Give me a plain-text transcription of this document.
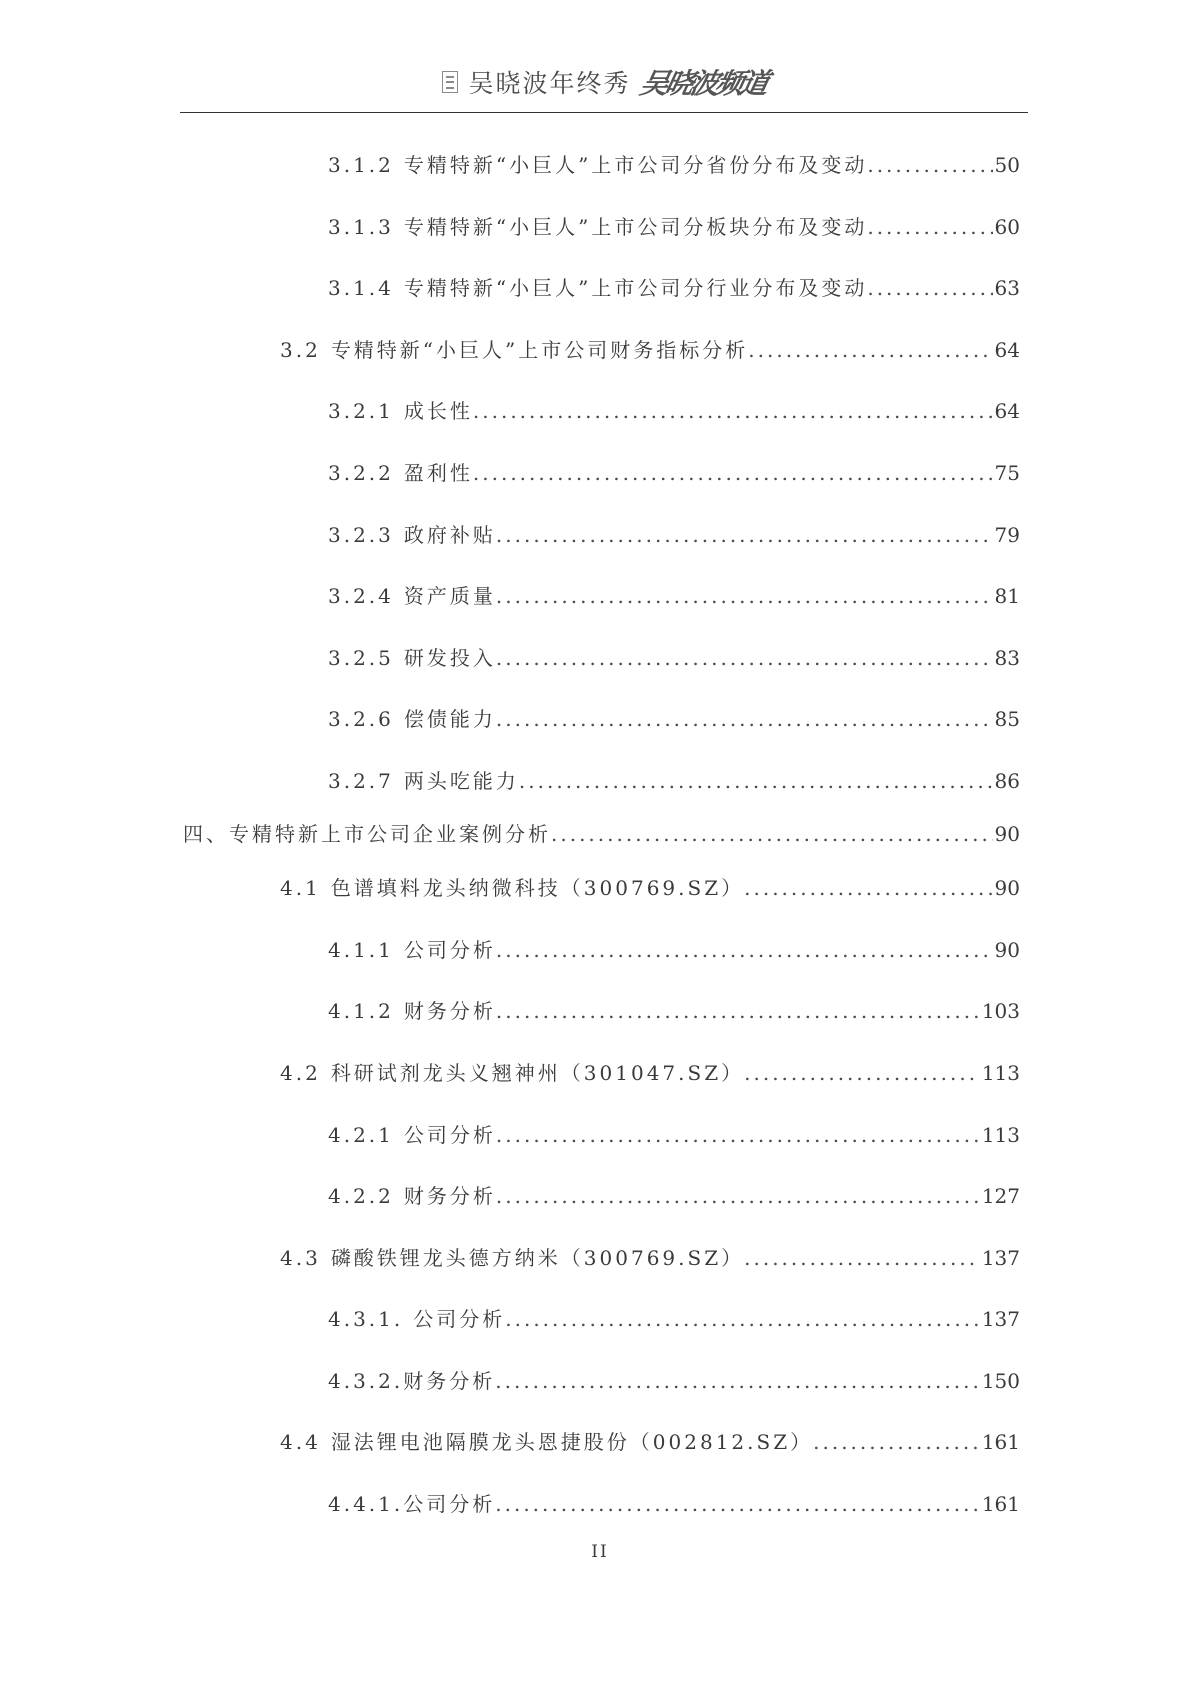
吴晓波年终秀 吴晓波频道
3.1.2 专精特新“小巨人”上市公司分省份分布及变动 .....	50
3.1.3 专精特新“小巨人”上市公司分板块分布及变动 .....	60
3.1.4 专精特新“小巨人”上市公司分行业分布及变动 .....	63
3.2 专精特新“小巨人”上市公司财务指标分析 .....	64
3.2.1 成长性 .....	64
3.2.2 盈利性 .....	75
3.2.3 政府补贴 .....	79
3.2.4 资产质量 .....	81
3.2.5 研发投入 .....	83
3.2.6 偿债能力 .....	85
3.2.7 两头吃能力 .....	86
四、 专精特新上市公司企业案例分析 .....	90
4.1 色谱填料龙头纳微科技（300769.SZ） .....	90
4.1.1 公司分析 .....	90
4.1.2 财务分析 .....	103
4.2 科研试剂龙头义翘神州（301047.SZ） .....	113
4.2.1 公司分析 .....	113
4.2.2 财务分析 .....	127
4.3 磷酸铁锂龙头德方纳米（300769.SZ） .....	137
4.3.1. 公司分析 .....	137
4.3.2. 财务分析 .....	150
4.4 湿法锂电池隔膜龙头恩捷股份（002812.SZ） .....	161
4.4.1. 公司分析 .....	161
II
